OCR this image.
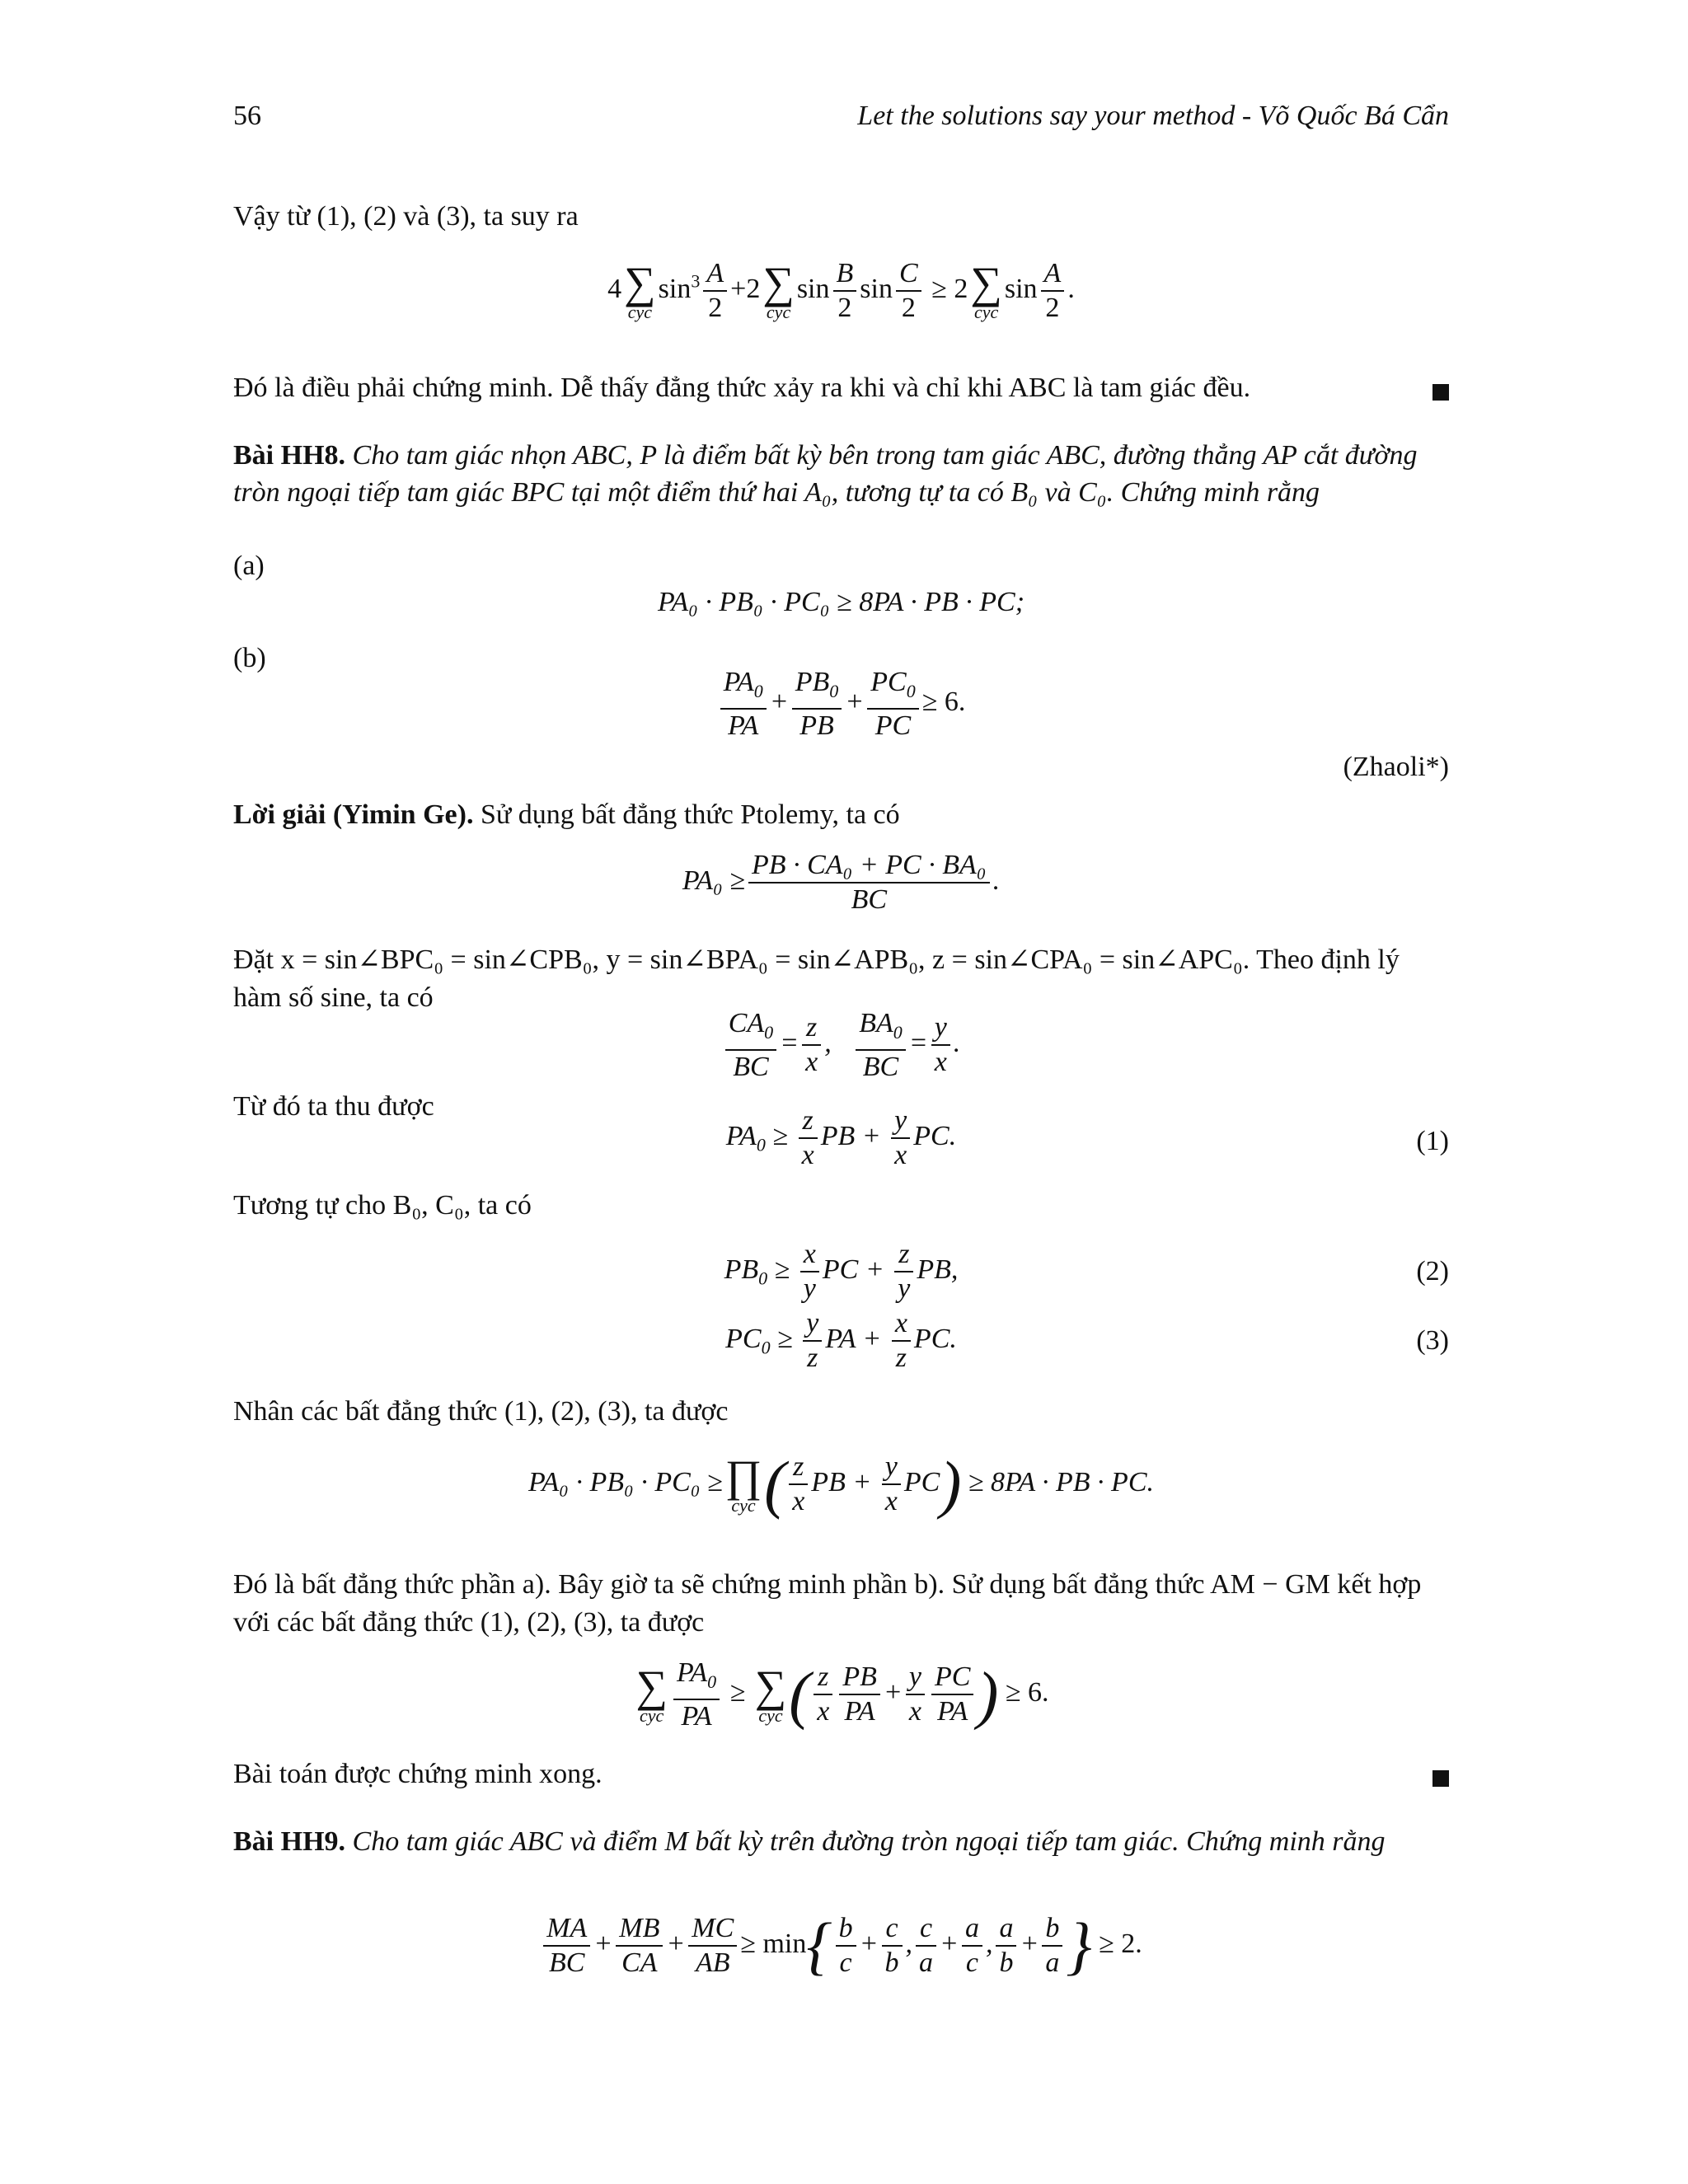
56	Let the solutions say your method - Võ Quốc Bá Cẩn
Vậy từ (1), (2) và (3), ta suy ra
4 ∑
cyc
$\sin^3 \frac{A}{2} +2$ ∑
cyc
$\sin \frac{B}{2}$ $\sin \frac{C}{2} \ge 2$ ∑
cyc
$\sin \frac{A}{2}$ .
Đó là điều phải chứng minh. Dễ thấy đẳng thức xảy ra khi và chỉ khi ABC là tam giác đều.
Bài HH8. Cho tam giác nhọn ABC, P là điểm bất kỳ bên trong tam giác ABC, đường thẳng AP cắt đường tròn ngoại tiếp tam giác BPC tại một điểm thứ hai A₀, tương tự ta có B₀ và C₀. Chứng minh rằng
(a)
PA₀ · PB₀ · PC₀ ≥ 8PA · PB · PC;
(b)
$\frac{PA_0}{PA} + \frac{PB_0}{PB} + \frac{PC_0}{PC} \ge 6$.
(Zhaoli*)
Lời giải (Yimin Ge). Sử dụng bất đẳng thức Ptolemy, ta có
$PA_0 \ge \frac{\text{PB · CA₀ + PC · BA₀}}{BC}$ .
Đặt x = sin∠BPC₀ = sin∠CPB₀, y = sin∠BPA₀ = sin∠APB₀, z = sin∠CPA₀ = sin∠APC₀. Theo định lý hàm số sine, ta có
$\frac{CA_0}{BC} = \frac{z}{x}$ , $\frac{BA_0}{BC} = \frac{y}{x}$ .
Từ đó ta thu được
$PA_0 \ge \frac{z}{x}$ PB + $\frac{y}{x}$ PC.	(1)
Tương tự cho B₀, C₀, ta có
$PB_0 \ge \frac{x}{y}$ PC + $\frac{z}{y}$ PB,	(2)
$PC_0 \ge \frac{y}{z}$ PA + $\frac{x}{z}$ PC.	(3)
Nhân các bất đẳng thức (1), (2), (3), ta được
PA₀ · PB₀ · PC₀ ≥ ∏
cyc ( $\frac{z}{x}$ PB + $\frac{y}{x} PC) \ge 8PA$ · PB · PC.
Đó là bất đẳng thức phần a). Bây giờ ta sẽ chứng minh phần b). Sử dụng bất đẳng thức AM − GM kết hợp với các bất đẳng thức (1), (2), (3), ta được
∑
cyc $\frac{PA_0}{PA}$ ≥ ∑
cyc ( $\frac{z}{x} \frac{PB}{PA} + \frac{y}{x} \frac{PC}{PA}$ ) ≥ 6.
Bài toán được chứng minh xong.
Bài HH9. Cho tam giác ABC và điểm M bất kỳ trên đường tròn ngoại tiếp tam giác. Chứng minh rằng
$\frac{MA}{BC} + \frac{MB}{CA} + \frac{MC}{AB} \ge \min\{ \frac{b}{c} + \frac{c}{b}$ , $\frac{c}{a} + \frac{a}{c}$ , $\frac{a}{b} + \frac{b}{a}$ } ≥ 2.
